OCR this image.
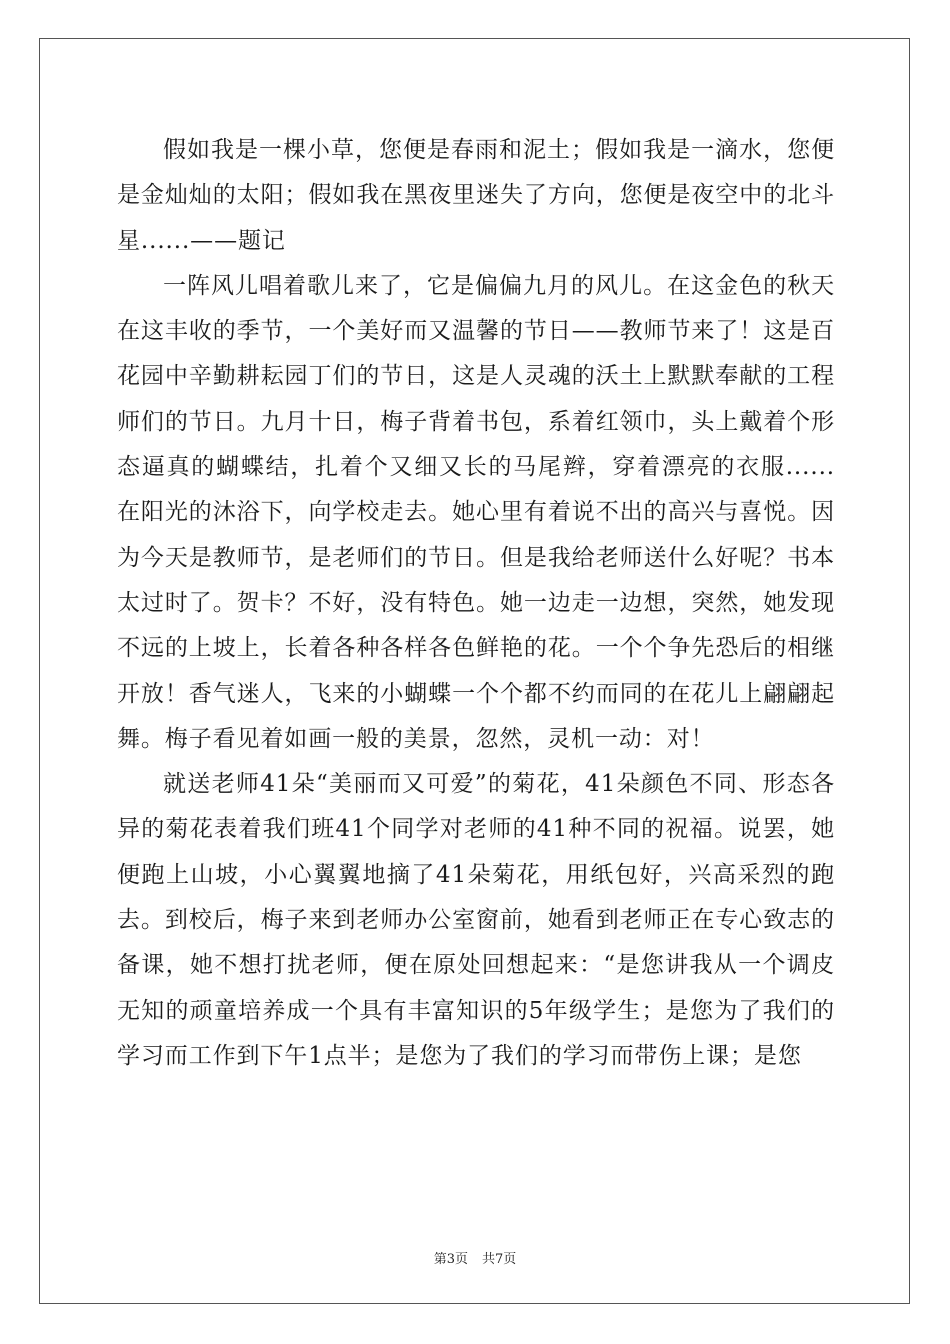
假如我是一棵小草，您便是春雨和泥土；假如我是一滴水，您便是金灿灿的太阳；假如我在黑夜里迷失了方向，您便是夜空中的北斗星......——题记

一阵风儿唱着歌儿来了，它是偏偏九月的风儿。在这金色的秋天在这丰收的季节，一个美好而又温馨的节日——教师节来了！这是百花园中辛勤耕耘园丁们的节日，这是人灵魂的沃土上默默奉献的工程师们的节日。九月十日，梅子背着书包，系着红领巾，头上戴着个形态逼真的蝴蝶结，扎着个又细又长的马尾辫，穿着漂亮的衣服......在阳光的沐浴下，向学校走去。她心里有着说不出的高兴与喜悦。因为今天是教师节，是老师们的节日。但是我给老师送什么好呢？书本太过时了。贺卡？不好，没有特色。她一边走一边想，突然，她发现不远的上坡上，长着各种各样各色鲜艳的花。一个个争先恐后的相继开放！香气迷人，飞来的小蝴蝶一个个都不约而同的在花儿上翩翩起舞。梅子看见着如画一般的美景，忽然，灵机一动：对！

就送老师41朵“美丽而又可爱”的菊花，41朵颜色不同、形态各异的菊花表着我们班41个同学对老师的41种不同的祝福。说罢，她便跑上山坡，小心翼翼地摘了41朵菊花，用纸包好，兴高采烈的跑去。到校后，梅子来到老师办公室窗前，她看到老师正在专心致志的备课，她不想打扰老师，便在原处回想起来：“是您讲我从一个调皮无知的顽童培养成一个具有丰富知识的5年级学生；是您为了我们的学习而工作到下午1点半；是您为了我们的学习而带伤上课；是您

第3页 共7页
